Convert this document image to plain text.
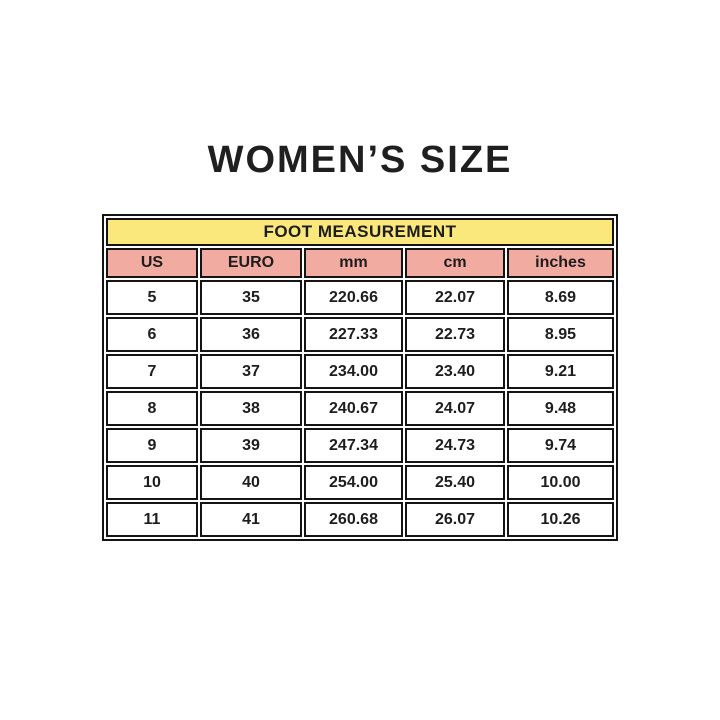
WOMEN’S SIZE
FOOT MEASUREMENT				
US	EURO	mm	cm	inches
5	35	220.66	22.07	8.69
6	36	227.33	22.73	8.95
7	37	234.00	23.40	9.21
8	38	240.67	24.07	9.48
9	39	247.34	24.73	9.74
10	40	254.00	25.40	10.00
11	41	260.68	26.07	10.26
